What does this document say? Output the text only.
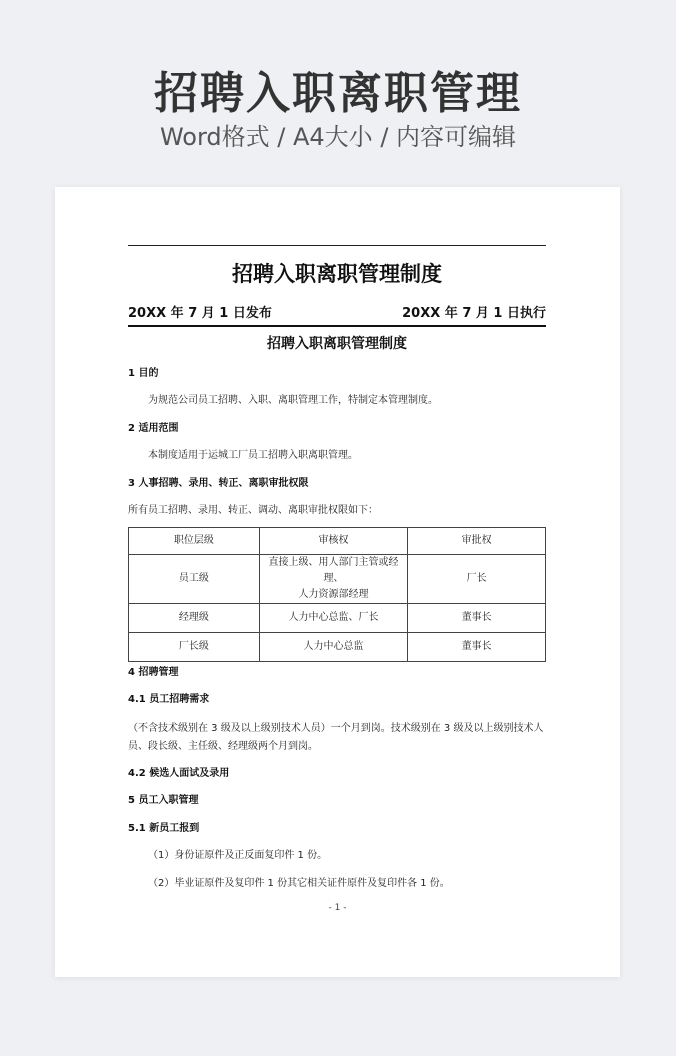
招聘入职离职管理
Word格式 / A4大小 / 内容可编辑
招聘入职离职管理制度
20XX 年 7 月 1 日发布	20XX 年 7 月 1 日执行
招聘入职离职管理制度
1 目的
为规范公司员工招聘、入职、离职管理工作，特制定本管理制度。
2 适用范围
本制度适用于运城工厂员工招聘入职离职管理。
3 人事招聘、录用、转正、离职审批权限
所有员工招聘、录用、转正、调动、离职审批权限如下：
职位层级	审核权	审批权
员工级	直接上级、用人部门主管或经理、
人力资源部经理	厂长
经理级	人力中心总监、厂长	董事长
厂长级	人力中心总监	董事长
4 招聘管理
4.1 员工招聘需求
（不含技术级别在 3 级及以上级别技术人员）一个月到岗。技术级别在 3 级及以上级别技术人员、段长级、主任级、经理级两个月到岗。
4.2 候选人面试及录用
5 员工入职管理
5.1 新员工报到
（1）身份证原件及正反面复印件 1 份。
（2）毕业证原件及复印件 1 份其它相关证件原件及复印件各 1 份。
- 1 -
